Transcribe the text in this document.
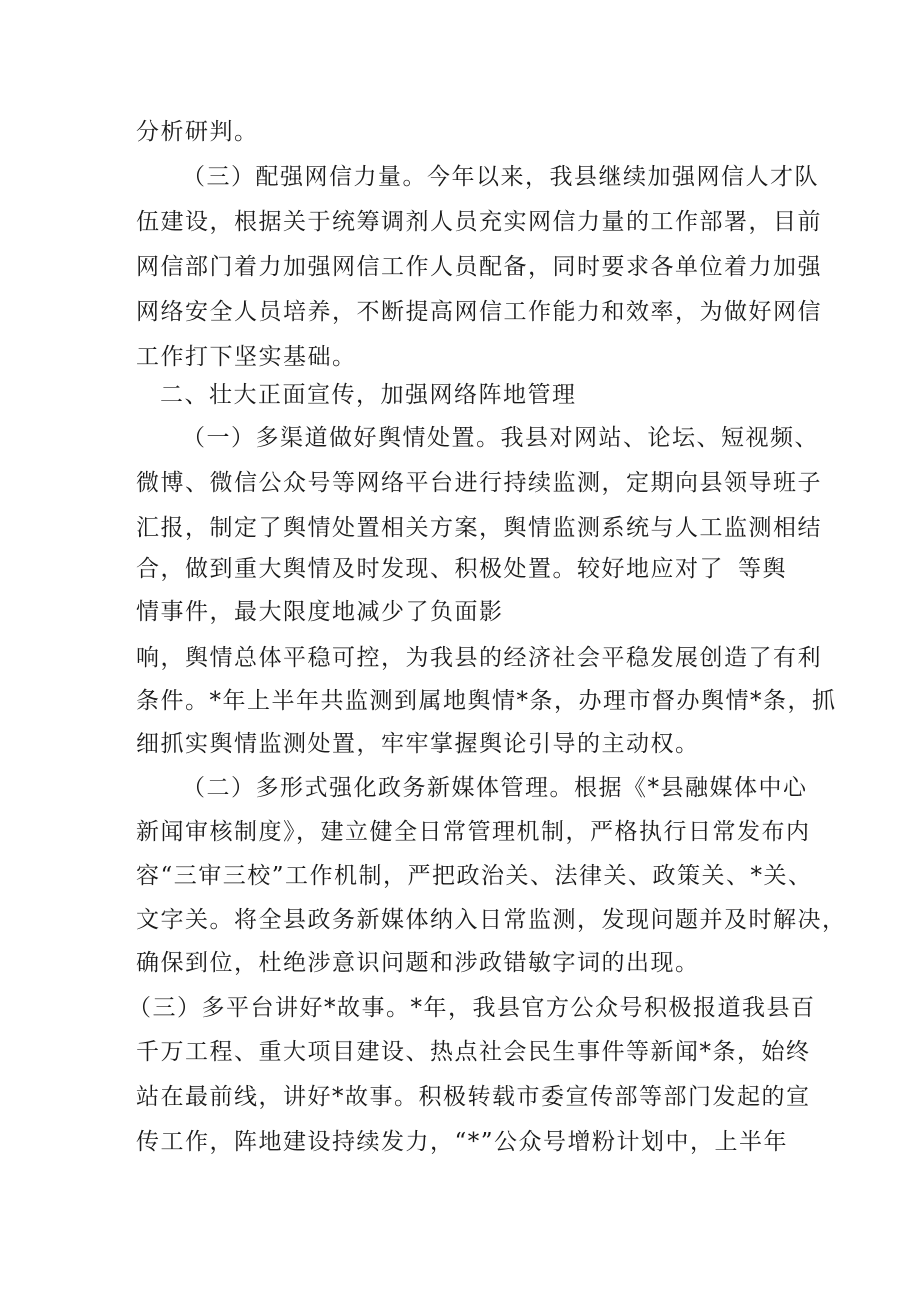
分析研判。
（三）配强网信力量。今年以来，我县继续加强网信人才队
伍建设，根据关于统筹调剂人员充实网信力量的工作部署，目前
网信部门着力加强网信工作人员配备，同时要求各单位着力加强
网络安全人员培养，不断提高网信工作能力和效率，为做好网信
工作打下坚实基础。
二、壮大正面宣传，加强网络阵地管理
（一）多渠道做好舆情处置。我县对网站、论坛、短视频、
微博、微信公众号等网络平台进行持续监测，定期向县领导班子
汇报，制定了舆情处置相关方案，舆情监测系统与人工监测相结
合，做到重大舆情及时发现、积极处置。较好地应对了 等舆
情事件，最大限度地减少了负面影
响，舆情总体平稳可控，为我县的经济社会平稳发展创造了有利
条件。*年上半年共监测到属地舆情*条，办理市督办舆情*条，抓
细抓实舆情监测处置，牢牢掌握舆论引导的主动权。
（二）多形式强化政务新媒体管理。根据《*县融媒体中心
新闻审核制度》，建立健全日常管理机制，严格执行日常发布内
容“三审三校”工作机制，严把政治关、法律关、政策关、*关、
文字关。将全县政务新媒体纳入日常监测，发现问题并及时解决，
确保到位，杜绝涉意识问题和涉政错敏字词的出现。
（三）多平台讲好*故事。*年，我县官方公众号积极报道我县百
千万工程、重大项目建设、热点社会民生事件等新闻*条，始终
站在最前线，讲好*故事。积极转载市委宣传部等部门发起的宣
传工作，阵地建设持续发力，“*”公众号增粉计划中，上半年
